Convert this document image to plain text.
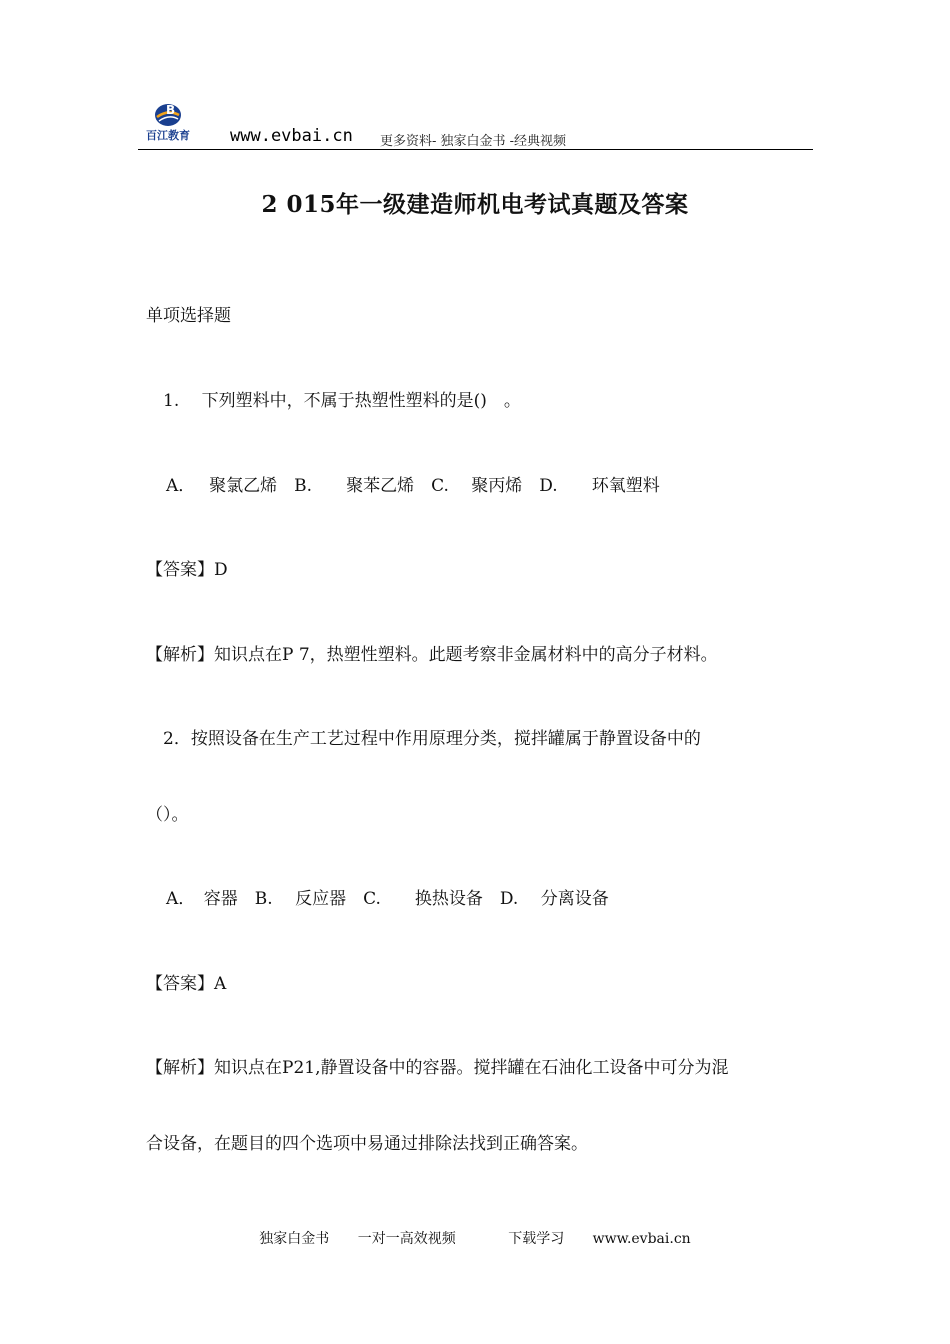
B
百江教育	www.evbai.cn 更多资料- 独家白金书 -经典视频
2 015年一级建造师机电考试真题及答案
单项选择题
1.　 下列塑料中，不属于热塑性塑料的是()　。
A．　 聚氯乙烯　B.　　聚苯乙烯　C.　 聚丙烯　D.　　环氧塑料
【答案】D
【解析】知识点在P 7，热塑性塑料。此题考察非金属材料中的高分子材料。
2．按照设备在生产工艺过程中作用原理分类，搅拌罐属于静置设备中的
（）。
A．　容器　B.　 反应器　C.　　换热设备　D.　 分离设备
【答案】A
【解析】知识点在P21,静置设备中的容器。搅拌罐在石油化工设备中可分为混
合设备，在题目的四个选项中易通过排除法找到正确答案。
独家白金书 一对一高效视频	下载学习 www.evbai.cn
